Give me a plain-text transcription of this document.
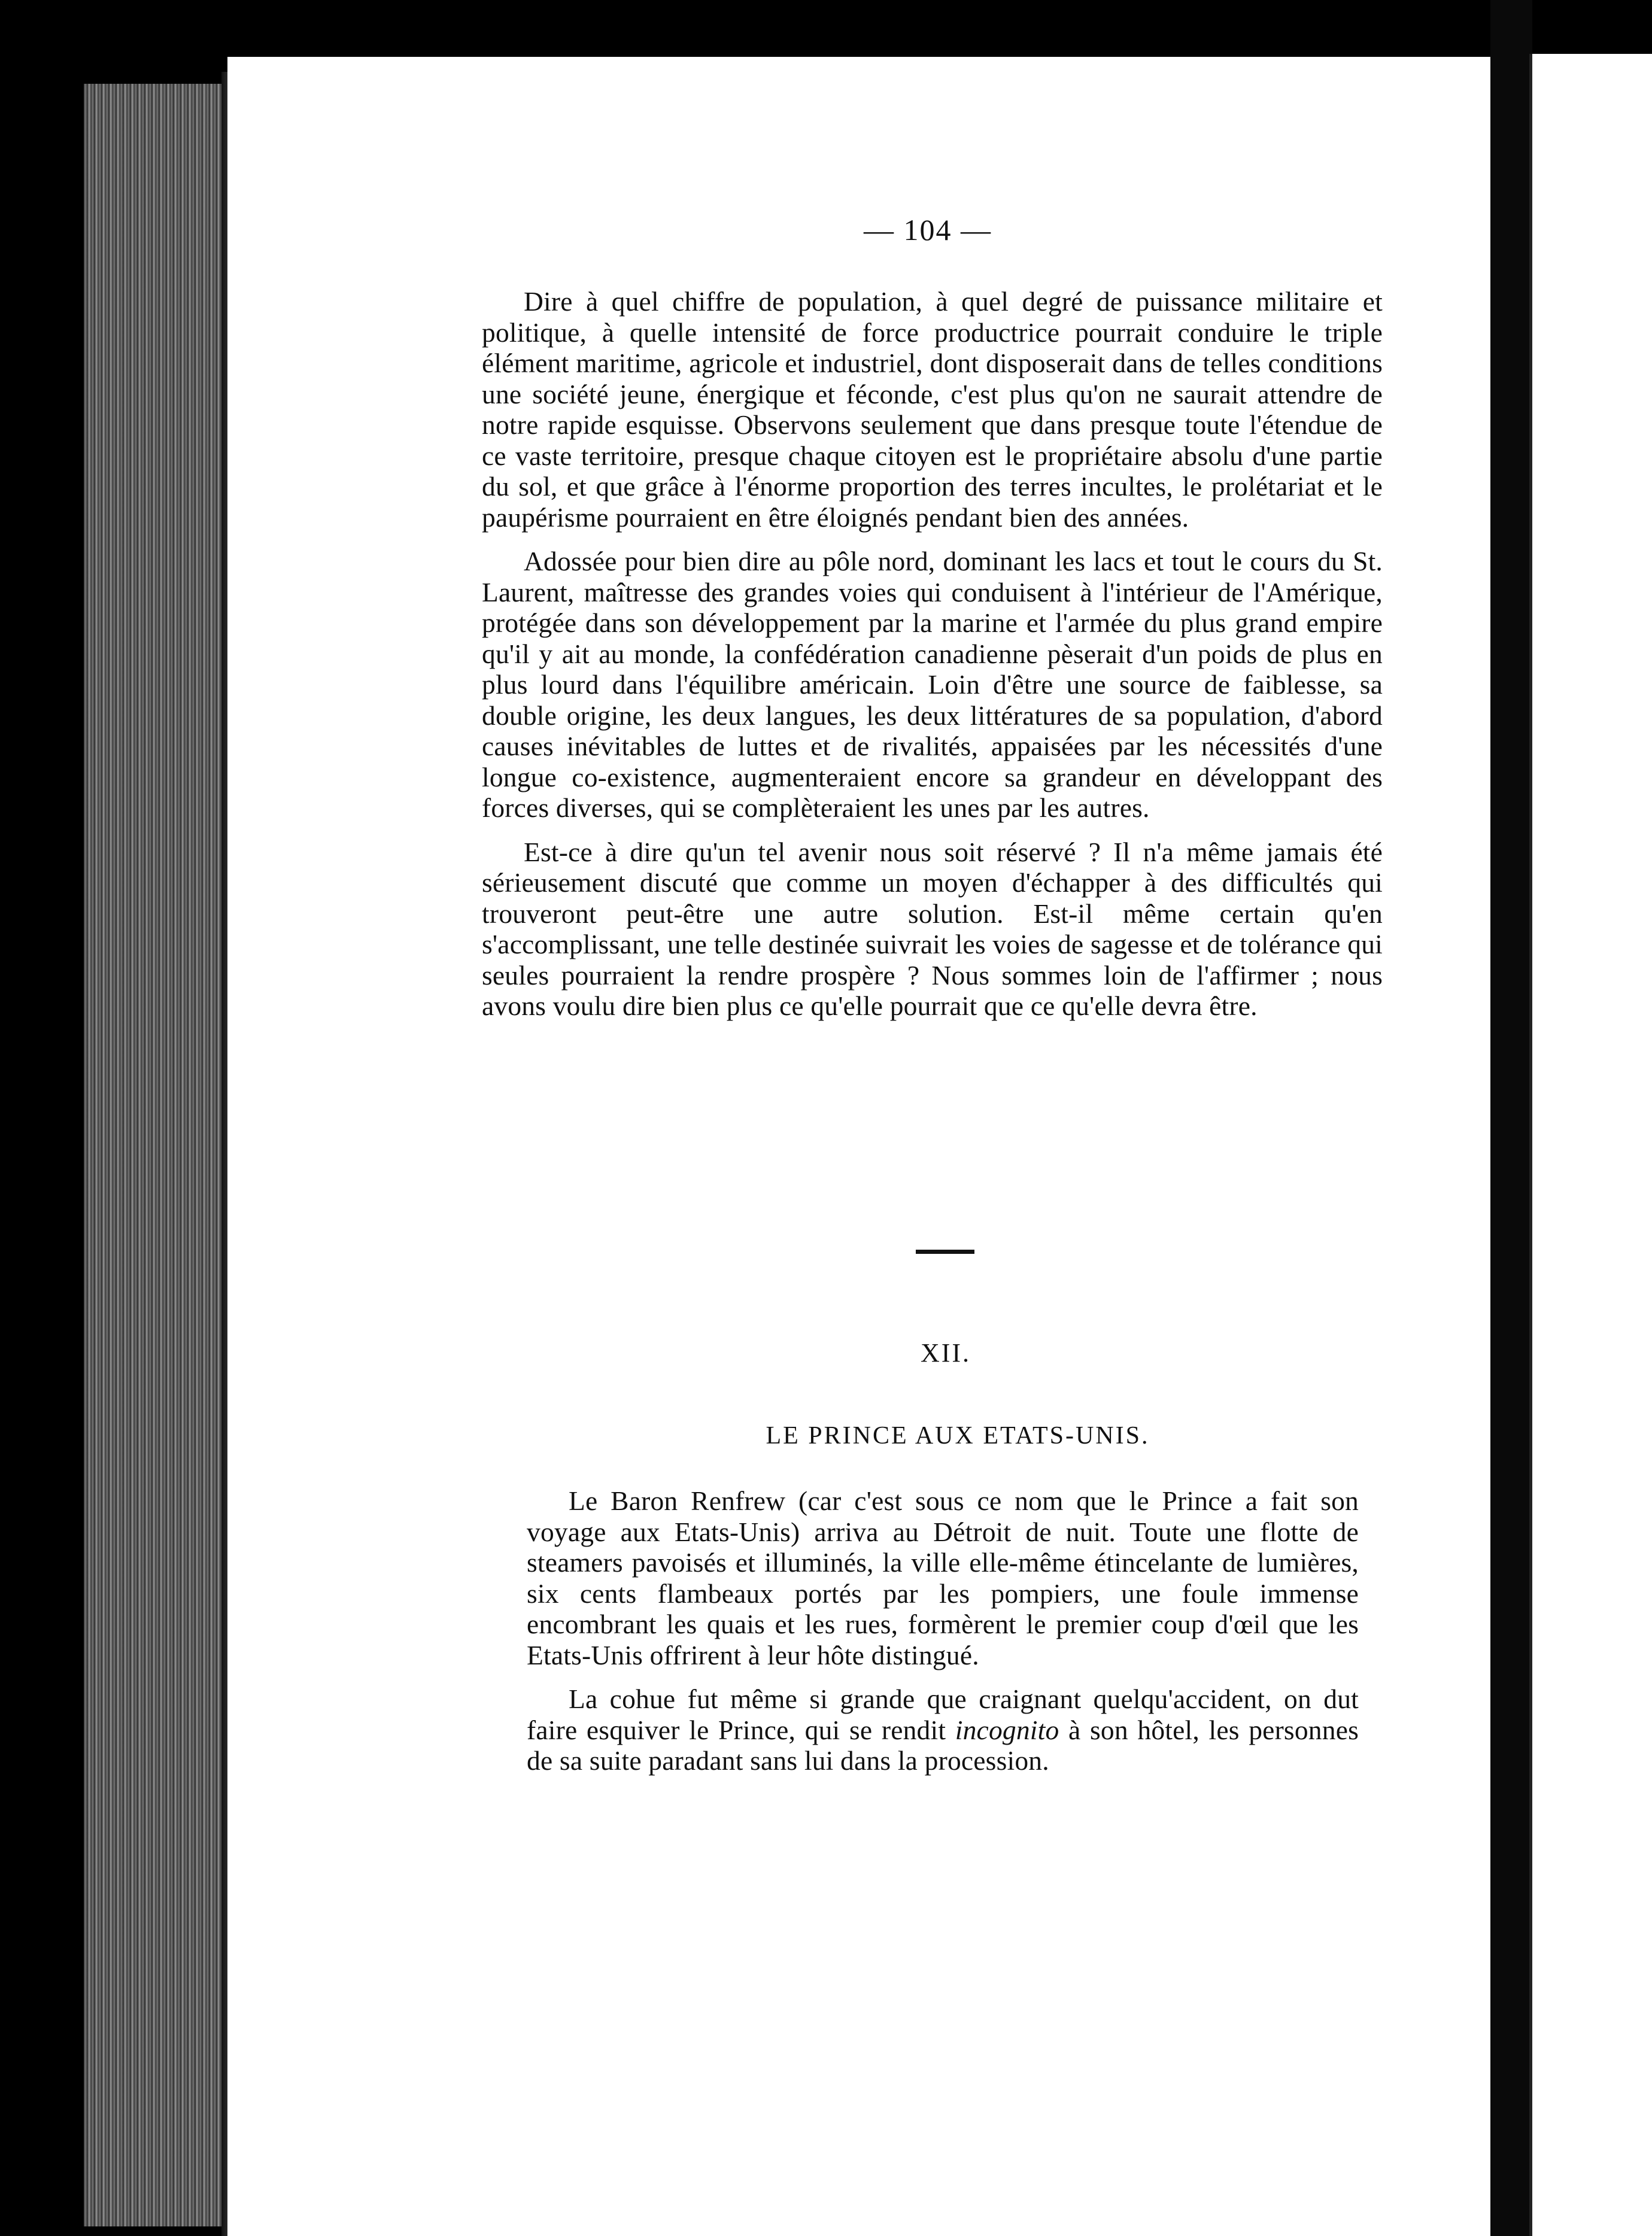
— 104 —

Dire à quel chiffre de population, à quel degré de puissance militaire et politique, à quelle intensité de force productrice pourrait conduire le triple élément maritime, agricole et industriel, dont disposerait dans de telles conditions une société jeune, énergique et féconde, c'est plus qu'on ne saurait attendre de notre rapide esquisse. Observons seulement que dans presque toute l'étendue de ce vaste territoire, presque chaque citoyen est le propriétaire absolu d'une partie du sol, et que grâce à l'énorme proportion des terres incultes, le prolétariat et le paupérisme pourraient en être éloignés pendant bien des années.

Adossée pour bien dire au pôle nord, dominant les lacs et tout le cours du St. Laurent, maîtresse des grandes voies qui conduisent à l'intérieur de l'Amérique, protégée dans son développement par la marine et l'armée du plus grand empire qu'il y ait au monde, la confédération canadienne pèserait d'un poids de plus en plus lourd dans l'équilibre américain. Loin d'être une source de faiblesse, sa double origine, les deux langues, les deux littératures de sa population, d'abord causes inévitables de luttes et de rivalités, appaisées par les nécessités d'une longue co-existence, augmenteraient encore sa grandeur en développant des forces diverses, qui se complèteraient les unes par les autres.

Est-ce à dire qu'un tel avenir nous soit réservé ? Il n'a même jamais été sérieusement discuté que comme un moyen d'échapper à des difficultés qui trouveront peut-être une autre solution. Est-il même certain qu'en s'accomplissant, une telle destinée suivrait les voies de sagesse et de tolérance qui seules pourraient la rendre prospère ? Nous sommes loin de l'affirmer ; nous avons voulu dire bien plus ce qu'elle pourrait que ce qu'elle devra être.

XII.
LE PRINCE AUX ETATS-UNIS.

Le Baron Renfrew (car c'est sous ce nom que le Prince a fait son voyage aux Etats-Unis) arriva au Détroit de nuit. Toute une flotte de steamers pavoisés et illuminés, la ville elle-même étincelante de lumières, six cents flambeaux portés par les pompiers, une foule immense encombrant les quais et les rues, formèrent le premier coup d'œil que les Etats-Unis offrirent à leur hôte distingué.

La cohue fut même si grande que craignant quelqu'accident, on dut faire esquiver le Prince, qui se rendit incognito à son hôtel, les personnes de sa suite paradant sans lui dans la procession.
